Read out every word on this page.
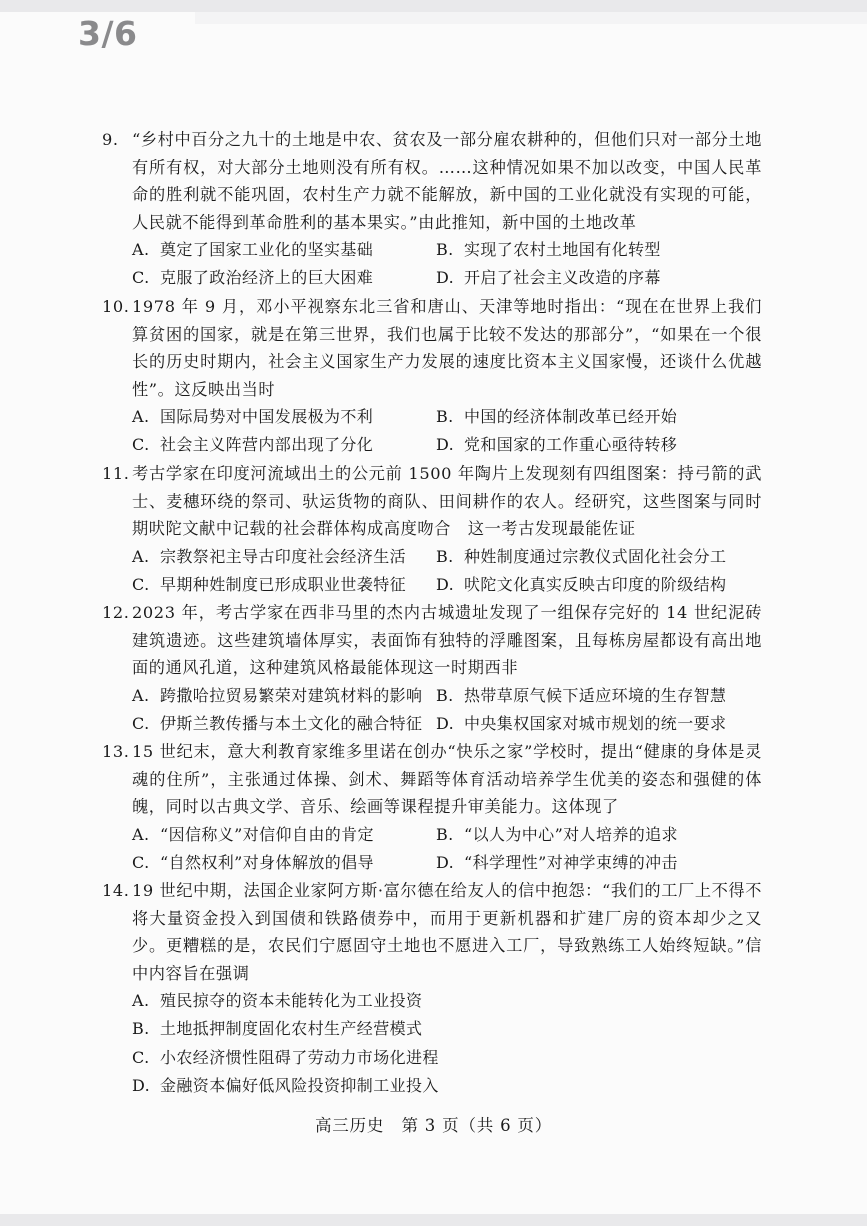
3/6
9. “乡村中百分之九十的土地是中农、贫农及一部分雇农耕种的，但他们只对一部分土地有所有权，对大部分土地则没有所有权。……这种情况如果不加以改变，中国人民革命的胜利就不能巩固，农村生产力就不能解放，新中国的工业化就没有实现的可能，人民就不能得到革命胜利的基本果实。”由此推知，新中国的土地改革
A. 奠定了国家工业化的坚实基础	B. 实现了农村土地国有化转型
C. 克服了政治经济上的巨大困难	D. 开启了社会主义改造的序幕
10. 1978 年 9 月，邓小平视察东北三省和唐山、天津等地时指出：“现在在世界上我们算贫困的国家，就是在第三世界，我们也属于比较不发达的那部分”，“如果在一个很长的历史时期内，社会主义国家生产力发展的速度比资本主义国家慢，还谈什么优越性”。这反映出当时
A. 国际局势对中国发展极为不利	B. 中国的经济体制改革已经开始
C. 社会主义阵营内部出现了分化	D. 党和国家的工作重心亟待转移
11. 考古学家在印度河流域出土的公元前 1500 年陶片上发现刻有四组图案：持弓箭的武士、麦穗环绕的祭司、驮运货物的商队、田间耕作的农人。经研究，这些图案与同时期吠陀文献中记载的社会群体构成高度吻合　这一考古发现最能佐证
A. 宗教祭祀主导古印度社会经济生活	B. 种姓制度通过宗教仪式固化社会分工
C. 早期种姓制度已形成职业世袭特征	D. 吠陀文化真实反映古印度的阶级结构
12. 2023 年，考古学家在西非马里的杰内古城遗址发现了一组保存完好的 14 世纪泥砖建筑遗迹。这些建筑墙体厚实，表面饰有独特的浮雕图案，且每栋房屋都设有高出地面的通风孔道，这种建筑风格最能体现这一时期西非
A. 跨撒哈拉贸易繁荣对建筑材料的影响 B. 热带草原气候下适应环境的生存智慧
C. 伊斯兰教传播与本土文化的融合特征 D. 中央集权国家对城市规划的统一要求
13. 15 世纪末，意大利教育家维多里诺在创办“快乐之家”学校时，提出“健康的身体是灵魂的住所”，主张通过体操、剑术、舞蹈等体育活动培养学生优美的姿态和强健的体魄，同时以古典文学、音乐、绘画等课程提升审美能力。这体现了
A. “因信称义”对信仰自由的肯定	B. “以人为中心”对人培养的追求
C. “自然权利”对身体解放的倡导	D. “科学理性”对神学束缚的冲击
14. 19 世纪中期，法国企业家阿方斯·富尔德在给友人的信中抱怨：“我们的工厂上不得不将大量资金投入到国债和铁路债券中，而用于更新机器和扩建厂房的资本却少之又少。更糟糕的是，农民们宁愿固守土地也不愿进入工厂，导致熟练工人始终短缺。”信中内容旨在强调
A. 殖民掠夺的资本未能转化为工业投资
B. 土地抵押制度固化农村生产经营模式
C. 小农经济惯性阻碍了劳动力市场化进程
D. 金融资本偏好低风险投资抑制工业投入
高三历史　第 3 页（共 6 页）
